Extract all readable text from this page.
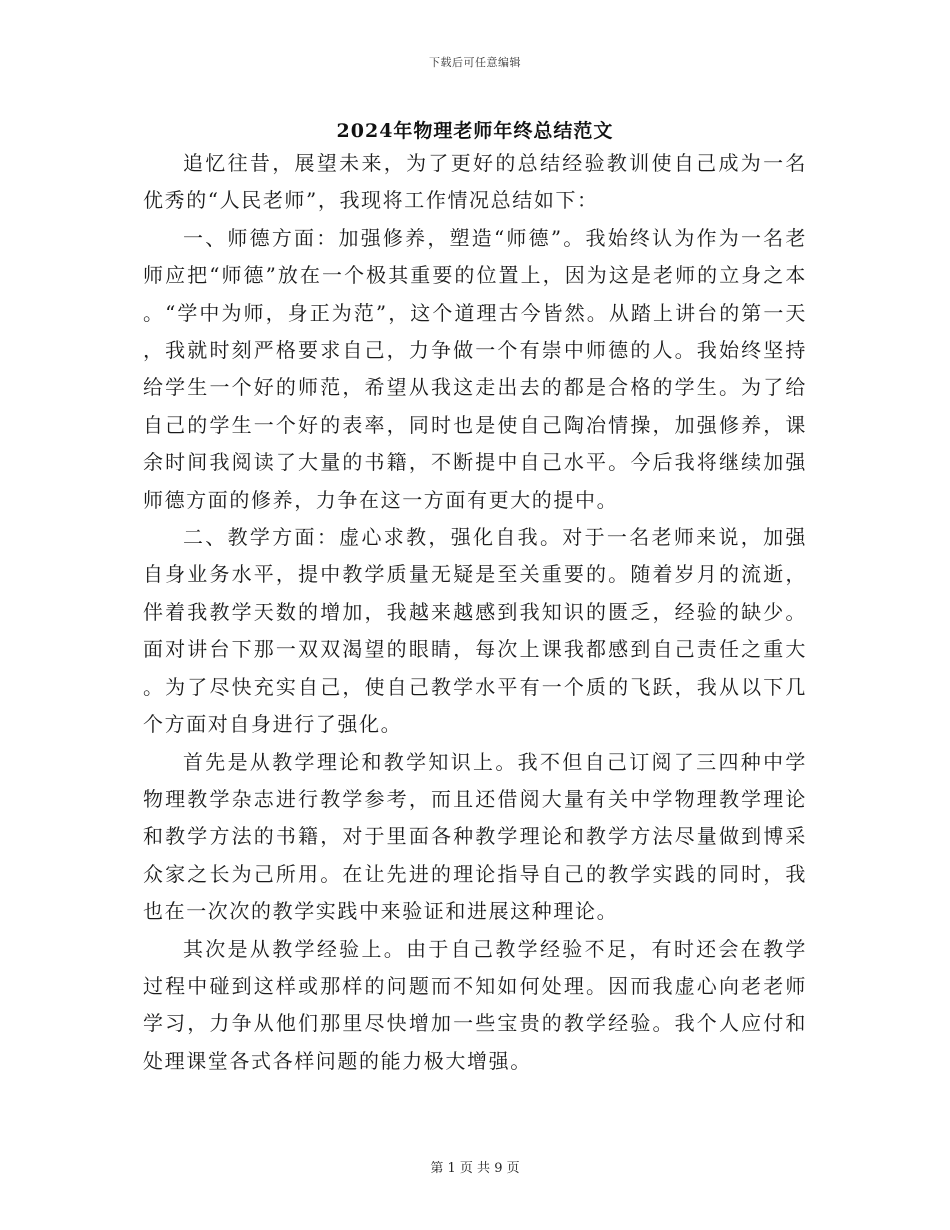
下载后可任意编辑
2024年物理老师年终总结范文

追忆往昔，展望未来，为了更好的总结经验教训使自己成为一名优秀的“人民老师”，我现将工作情况总结如下：

一、师德方面：加强修养，塑造“师德”。我始终认为作为一名老师应把“师德”放在一个极其重要的位置上，因为这是老师的立身之本。“学中为师，身正为范”，这个道理古今皆然。从踏上讲台的第一天，我就时刻严格要求自己，力争做一个有崇中师德的人。我始终坚持给学生一个好的师范，希望从我这走出去的都是合格的学生。为了给自己的学生一个好的表率，同时也是使自己陶冶情操，加强修养，课余时间我阅读了大量的书籍，不断提中自己水平。今后我将继续加强师德方面的修养，力争在这一方面有更大的提中。

二、教学方面：虚心求教，强化自我。对于一名老师来说，加强自身业务水平，提中教学质量无疑是至关重要的。随着岁月的流逝，伴着我教学天数的增加，我越来越感到我知识的匮乏，经验的缺少。面对讲台下那一双双渴望的眼睛，每次上课我都感到自己责任之重大。为了尽快充实自己，使自己教学水平有一个质的飞跃，我从以下几个方面对自身进行了强化。

首先是从教学理论和教学知识上。我不但自己订阅了三四种中学物理教学杂志进行教学参考，而且还借阅大量有关中学物理教学理论和教学方法的书籍，对于里面各种教学理论和教学方法尽量做到博采众家之长为己所用。在让先进的理论指导自己的教学实践的同时，我也在一次次的教学实践中来验证和进展这种理论。

其次是从教学经验上。由于自己教学经验不足，有时还会在教学过程中碰到这样或那样的问题而不知如何处理。因而我虚心向老老师学习，力争从他们那里尽快增加一些宝贵的教学经验。我个人应付和处理课堂各式各样问题的能力极大增强。

第 1 页 共 9 页
